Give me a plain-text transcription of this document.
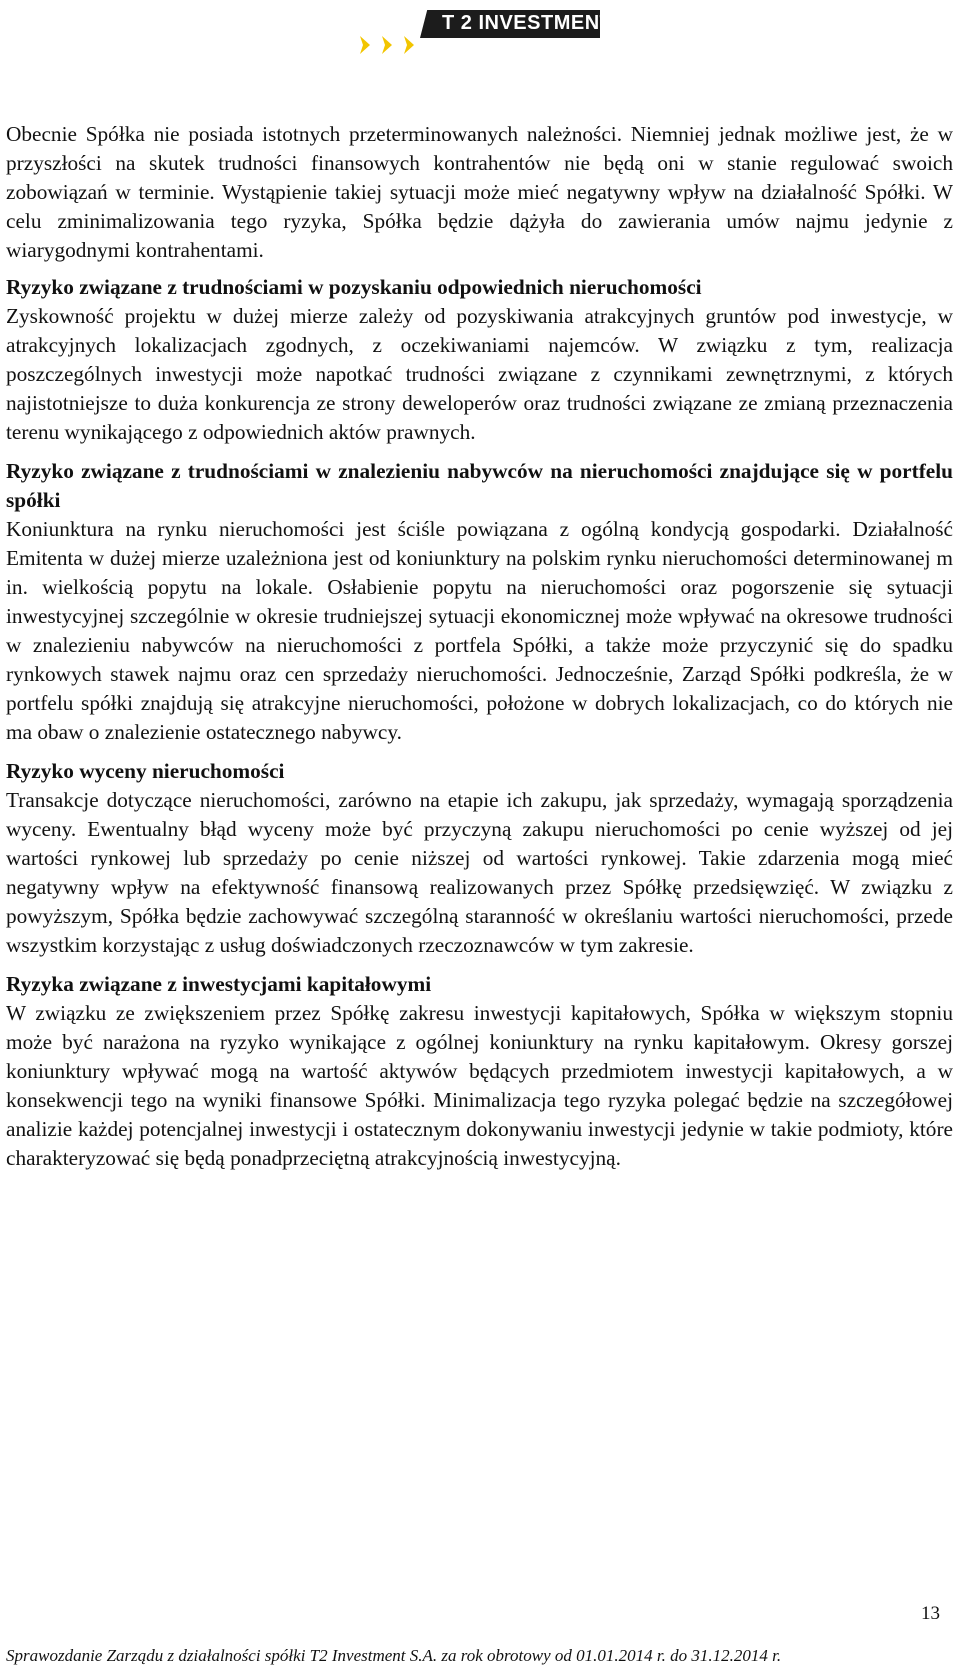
T 2 INVESTMENT

Obecnie Spółka nie posiada istotnych przeterminowanych należności. Niemniej jednak możliwe jest, że w przyszłości na skutek trudności finansowych kontrahentów nie będą oni w stanie regulować swoich zobowiązań w terminie. Wystąpienie takiej sytuacji może mieć negatywny wpływ na działalność Spółki. W celu zminimalizowania tego ryzyka, Spółka będzie dążyła do zawierania umów najmu jedynie z wiarygodnymi kontrahentami.

Ryzyko związane z trudnościami w pozyskaniu odpowiednich nieruchomości

Zyskowność projektu w dużej mierze zależy od pozyskiwania atrakcyjnych gruntów pod inwestycje, w atrakcyjnych lokalizacjach zgodnych, z oczekiwaniami najemców. W związku z tym, realizacja poszczególnych inwestycji może napotkać trudności związane z czynnikami zewnętrznymi, z których najistotniejsze to duża konkurencja ze strony deweloperów oraz trudności związane ze zmianą przeznaczenia terenu wynikającego z odpowiednich aktów prawnych.

Ryzyko związane z trudnościami w znalezieniu nabywców na nieruchomości znajdujące się w portfelu spółki

Koniunktura na rynku nieruchomości jest ściśle powiązana z ogólną kondycją gospodarki. Działalność Emitenta w dużej mierze uzależniona jest od koniunktury na polskim rynku nieruchomości determinowanej m in. wielkością popytu na lokale. Osłabienie popytu na nieruchomości oraz pogorszenie się sytuacji inwestycyjnej szczególnie w okresie trudniejszej sytuacji ekonomicznej może wpływać na okresowe trudności w znalezieniu nabywców na nieruchomości z portfela Spółki, a także może przyczynić się do spadku rynkowych stawek najmu oraz cen sprzedaży nieruchomości. Jednocześnie, Zarząd Spółki podkreśla, że w portfelu spółki znajdują się atrakcyjne nieruchomości, położone w dobrych lokalizacjach, co do których nie ma obaw o znalezienie ostatecznego nabywcy.

Ryzyko wyceny nieruchomości

Transakcje dotyczące nieruchomości, zarówno na etapie ich zakupu, jak sprzedaży, wymagają sporządzenia wyceny. Ewentualny błąd wyceny może być przyczyną zakupu nieruchomości po cenie wyższej od jej wartości rynkowej lub sprzedaży po cenie niższej od wartości rynkowej. Takie zdarzenia mogą mieć negatywny wpływ na efektywność finansową realizowanych przez Spółkę przedsięwzięć. W związku z powyższym, Spółka będzie zachowywać szczególną staranność w określaniu wartości nieruchomości, przede wszystkim korzystając z usług doświadczonych rzeczoznawców w tym zakresie.

Ryzyka związane z inwestycjami kapitałowymi

W związku ze zwiększeniem przez Spółkę zakresu inwestycji kapitałowych, Spółka w większym stopniu może być narażona na ryzyko wynikające z ogólnej koniunktury na rynku kapitałowym. Okresy gorszej koniunktury wpływać mogą na wartość aktywów będących przedmiotem inwestycji kapitałowych, a w konsekwencji tego na wyniki finansowe Spółki. Minimalizacja tego ryzyka polegać będzie na szczegółowej analizie każdej potencjalnej inwestycji i ostatecznym dokonywaniu inwestycji jedynie w takie podmioty, które charakteryzować się będą ponadprzeciętną atrakcyjnością inwestycyjną.

13
Sprawozdanie Zarządu z działalności spółki T2 Investment S.A. za rok obrotowy od 01.01.2014 r. do 31.12.2014 r.
